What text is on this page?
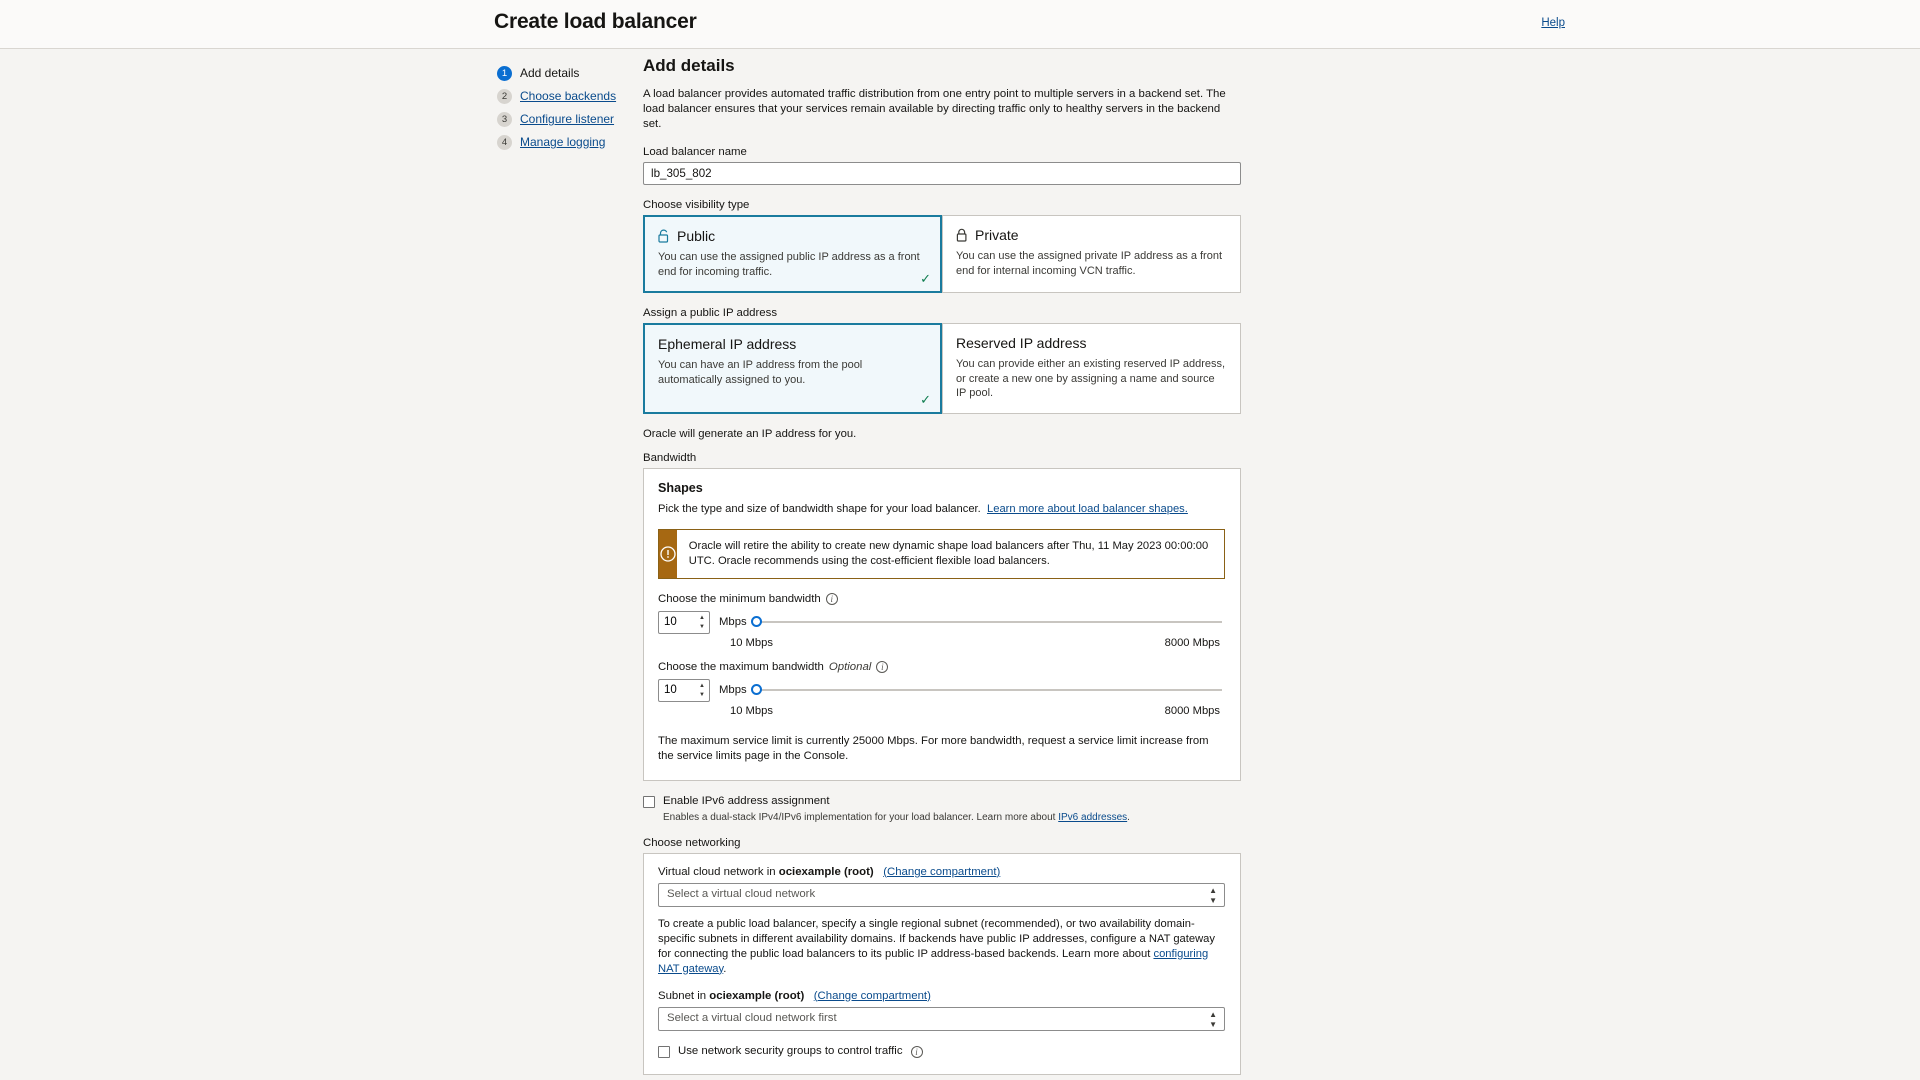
Create load balancer	Help
1	Add details
2	Choose backends
3	Configure listener
4	Manage logging
Add details
A load balancer provides automated traffic distribution from one entry point to multiple servers in a backend set. The load balancer ensures that your services remain available by directing traffic only to healthy servers in the backend set.
Load balancer name
lb_305_802
Choose visibility type
Public
You can use the assigned public IP address as a front end for incoming traffic.	✓
Private
You can use the assigned private IP address as a front end for internal incoming VCN traffic.
Assign a public IP address
Ephemeral IP address
You can have an IP address from the pool automatically assigned to you.
✓
Reserved IP address
You can provide either an existing reserved IP address, or create a new one by assigning a name and source IP pool.
Oracle will generate an IP address for you.
Bandwidth
Shapes
Pick the type and size of bandwidth shape for your load balancer. Learn more about load balancer shapes.
Oracle will retire the ability to create new dynamic shape load balancers after Thu, 11 May 2023 00:00:00 UTC. Oracle recommends using the cost-efficient flexible load balancers.
Choose the minimum bandwidth	i
10
▲
▼ Mbps
10 Mbps	8000 Mbps
Choose the maximum bandwidth Optional	i
10
▲
▼ Mbps
10 Mbps	8000 Mbps
The maximum service limit is currently 25000 Mbps. For more bandwidth, request a service limit increase from the service limits page in the Console.
Enable IPv6 address assignment
Enables a dual-stack IPv4/IPv6 implementation for your load balancer. Learn more about IPv6 addresses.
Choose networking
Virtual cloud network in ociexample (root) (Change compartment)
Select a virtual cloud network	▲
▼
To create a public load balancer, specify a single regional subnet (recommended), or two availability domain-specific subnets in different availability domains. If backends have public IP addresses, configure a NAT gateway for connecting the public load balancers to its public IP address-based backends. Learn more about configuring NAT gateway.
Subnet in ociexample (root) (Change compartment)
Select a virtual cloud network first	▲
▼
Use network security groups to control traffic	i
